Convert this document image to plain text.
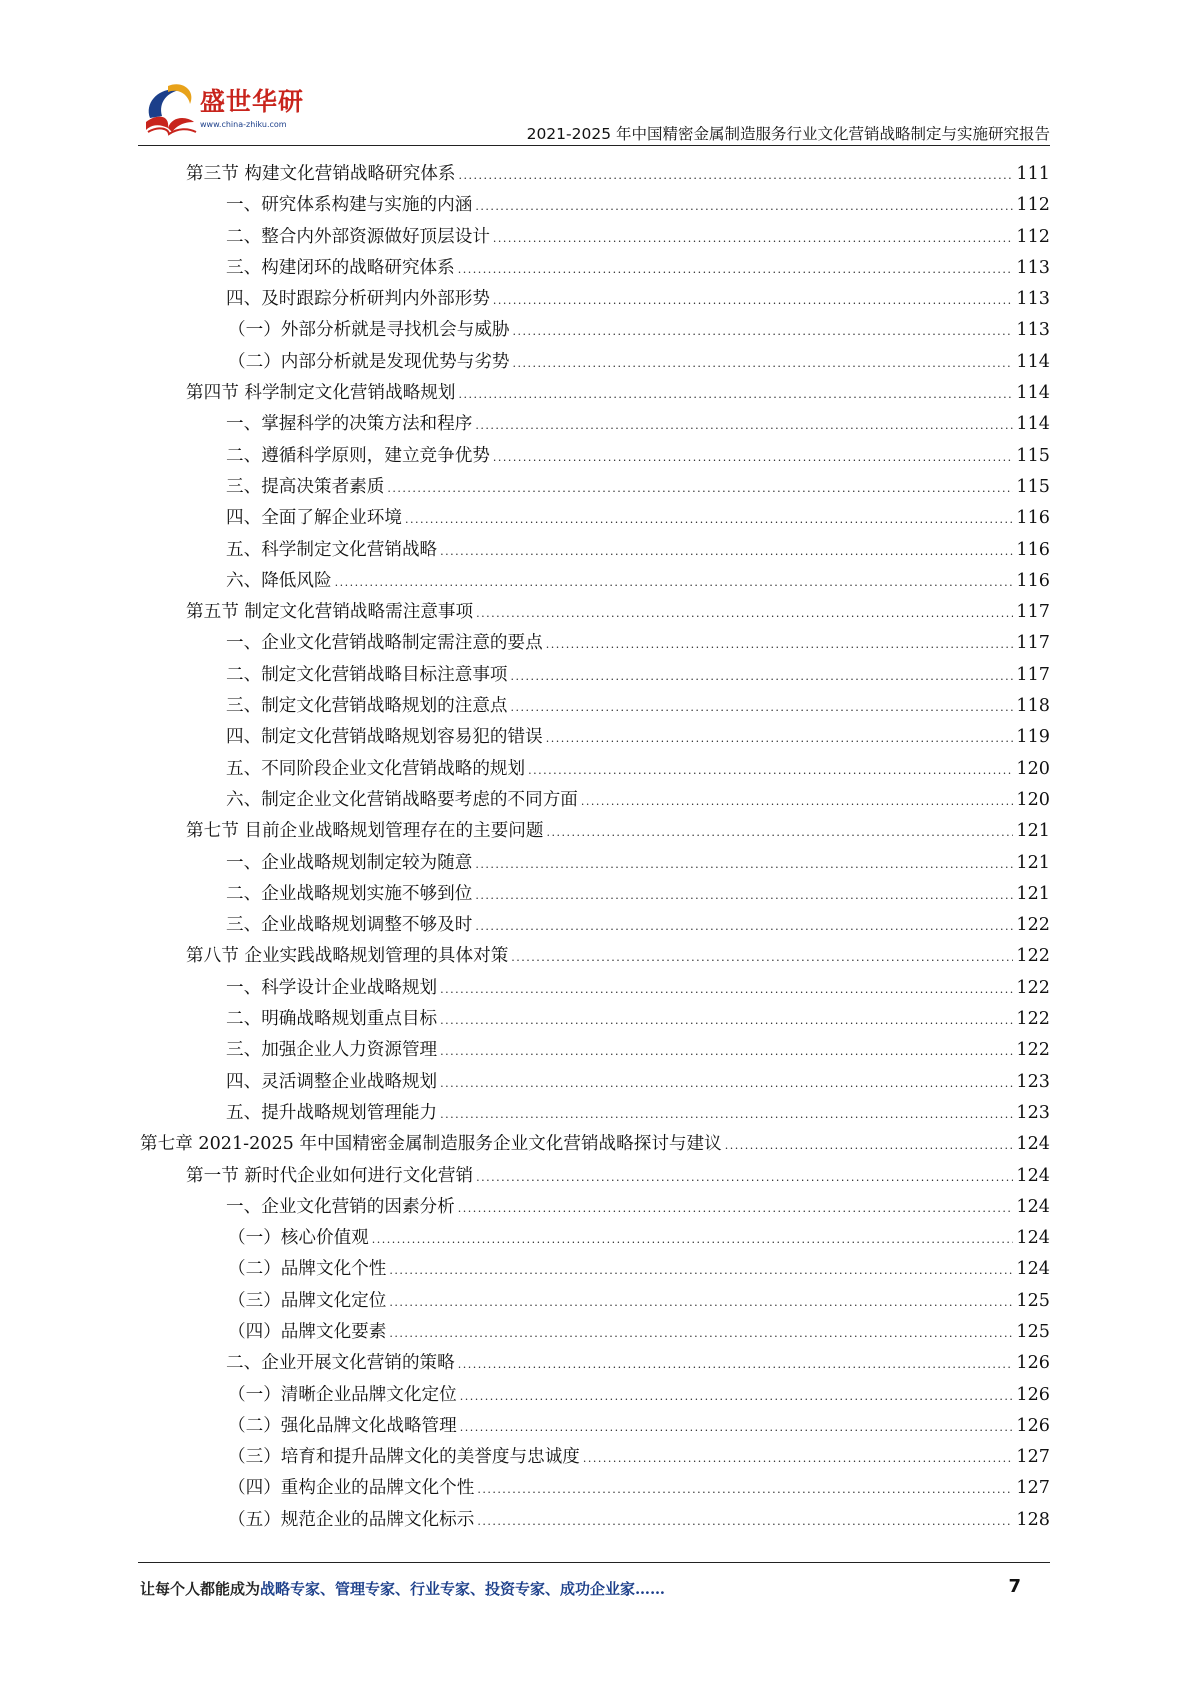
盛世华研
www.china-zhiku.com
2021-2025 年中国精密金属制造服务行业文化营销战略制定与实施研究报告
第三节 构建文化营销战略研究体系 .....	111
一、研究体系构建与实施的内涵 .....	112
二、整合内外部资源做好顶层设计 .....	112
三、构建闭环的战略研究体系 .....	113
四、及时跟踪分析研判内外部形势 .....	113
（一）外部分析就是寻找机会与威胁 .....	113
（二）内部分析就是发现优势与劣势 .....	114
第四节 科学制定文化营销战略规划 .....	114
一、掌握科学的决策方法和程序 .....	114
二、遵循科学原则，建立竞争优势 .....	115
三、提高决策者素质 .....	115
四、全面了解企业环境 .....	116
五、科学制定文化营销战略 .....	116
六、降低风险 .....	116
第五节 制定文化营销战略需注意事项 .....	117
一、企业文化营销战略制定需注意的要点 .....	117
二、制定文化营销战略目标注意事项 .....	117
三、制定文化营销战略规划的注意点 .....	118
四、制定文化营销战略规划容易犯的错误 .....	119
五、不同阶段企业文化营销战略的规划 .....	120
六、制定企业文化营销战略要考虑的不同方面 .....	120
第七节 目前企业战略规划管理存在的主要问题 .....	121
一、企业战略规划制定较为随意 .....	121
二、企业战略规划实施不够到位 .....	121
三、企业战略规划调整不够及时 .....	122
第八节 企业实践战略规划管理的具体对策 .....	122
一、科学设计企业战略规划 .....	122
二、明确战略规划重点目标 .....	122
三、加强企业人力资源管理 .....	122
四、灵活调整企业战略规划 .....	123
五、提升战略规划管理能力 .....	123
第七章 2021-2025 年中国精密金属制造服务企业文化营销战略探讨与建议 .....	124
第一节 新时代企业如何进行文化营销 .....	124
一、企业文化营销的因素分析 .....	124
（一）核心价值观 .....	124
（二）品牌文化个性 .....	124
（三）品牌文化定位 .....	125
（四）品牌文化要素 .....	125
二、企业开展文化营销的策略 .....	126
（一）清晰企业品牌文化定位 .....	126
（二）强化品牌文化战略管理 .....	126
（三）培育和提升品牌文化的美誉度与忠诚度 .....	127
（四）重构企业的品牌文化个性 .....	127
（五）规范企业的品牌文化标示 .....	128
让每个人都能成为战略专家、管理专家、行业专家、投资专家、成功企业家……	7
